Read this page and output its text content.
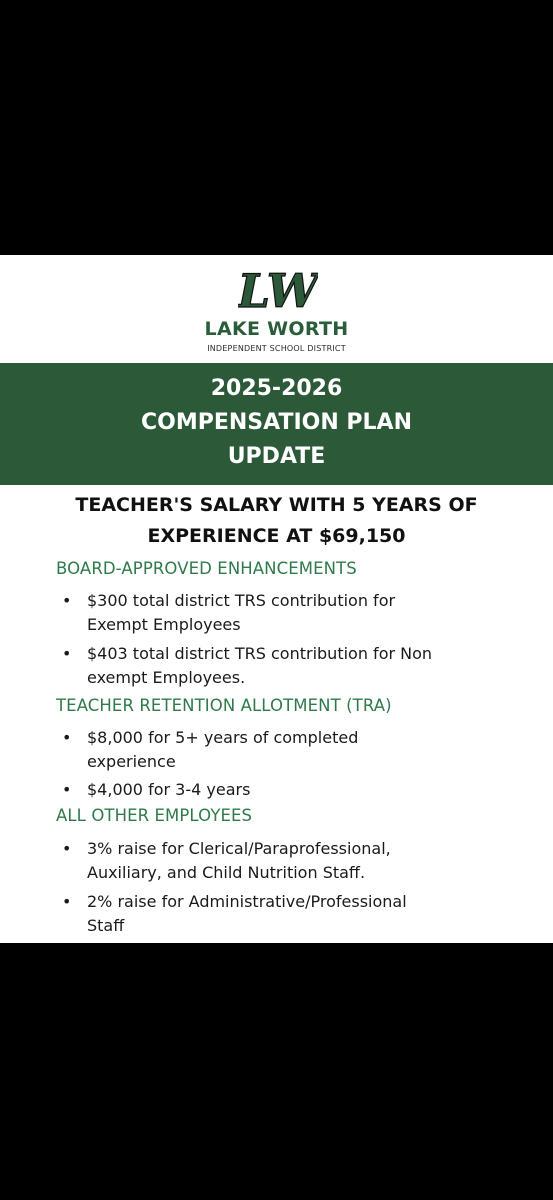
LW
LAKE WORTH
INDEPENDENT SCHOOL DISTRICT
2025-2026
COMPENSATION PLAN
UPDATE
TEACHER'S SALARY WITH 5 YEARS OF
EXPERIENCE AT $69,150
BOARD-APPROVED ENHANCEMENTS
• $300 total district TRS contribution for
Exempt Employees
• $403 total district TRS contribution for Non
exempt Employees.
TEACHER RETENTION ALLOTMENT (TRA)
• $8,000 for 5+ years of completed
experience
• $4,000 for 3-4 years
ALL OTHER EMPLOYEES
• 3% raise for Clerical/Paraprofessional,
Auxiliary, and Child Nutrition Staff.
• 2% raise for Administrative/Professional
Staff
